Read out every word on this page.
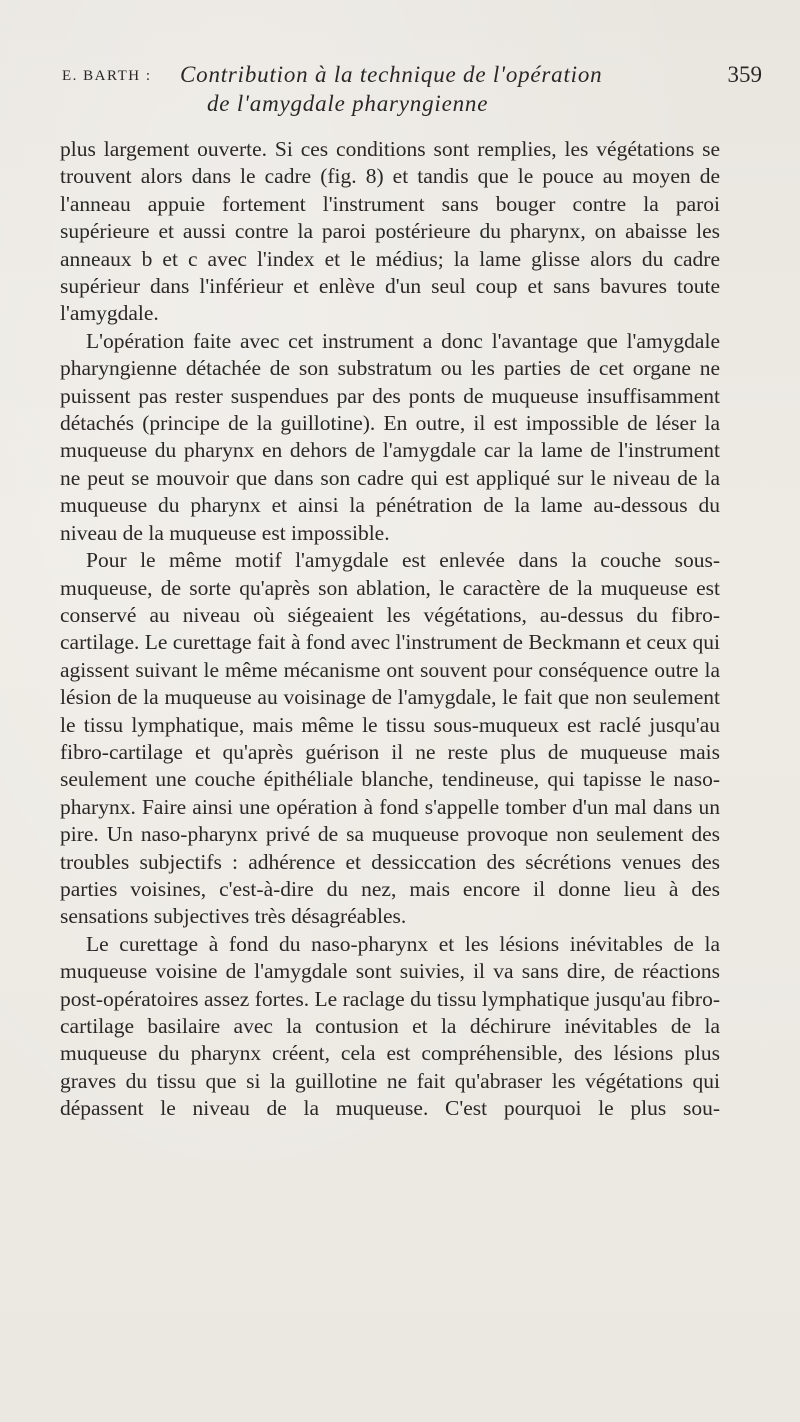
E. BARTH : Contribution à la technique de l'opération	359
de l'amygdale pharyngienne

plus largement ouverte. Si ces conditions sont remplies, les végétations se trouvent alors dans le cadre (fig. 8) et tandis que le pouce au moyen de l'anneau appuie fortement l'instrument sans bouger contre la paroi supérieure et aussi contre la paroi postérieure du pharynx, on abaisse les anneaux b et c avec l'index et le médius; la lame glisse alors du cadre supérieur dans l'inférieur et enlève d'un seul coup et sans bavures toute l'amygdale.

L'opération faite avec cet instrument a donc l'avantage que l'amygdale pharyngienne détachée de son substratum ou les parties de cet organe ne puissent pas rester suspendues par des ponts de muqueuse insuffisamment détachés (principe de la guillotine). En outre, il est impossible de léser la muqueuse du pharynx en dehors de l'amygdale car la lame de l'instrument ne peut se mouvoir que dans son cadre qui est appliqué sur le niveau de la muqueuse du pharynx et ainsi la pénétration de la lame au-dessous du niveau de la muqueuse est impossible.

Pour le même motif l'amygdale est enlevée dans la couche sous-muqueuse, de sorte qu'après son ablation, le caractère de la muqueuse est conservé au niveau où siégeaient les végétations, au-dessus du fibro-cartilage. Le curettage fait à fond avec l'instrument de Beckmann et ceux qui agissent suivant le même mécanisme ont souvent pour conséquence outre la lésion de la muqueuse au voisinage de l'amygdale, le fait que non seulement le tissu lymphatique, mais même le tissu sous-muqueux est raclé jusqu'au fibro-cartilage et qu'après guérison il ne reste plus de muqueuse mais seulement une couche épithéliale blanche, tendineuse, qui tapisse le naso-pharynx. Faire ainsi une opération à fond s'appelle tomber d'un mal dans un pire. Un naso-pharynx privé de sa muqueuse provoque non seulement des troubles subjectifs : adhérence et dessiccation des sécrétions venues des parties voisines, c'est-à-dire du nez, mais encore il donne lieu à des sensations subjectives très désagréables.

Le curettage à fond du naso-pharynx et les lésions inévitables de la muqueuse voisine de l'amygdale sont suivies, il va sans dire, de réactions post-opératoires assez fortes. Le raclage du tissu lymphatique jusqu'au fibro-cartilage basilaire avec la contusion et la déchirure inévitables de la muqueuse du pharynx créent, cela est compréhensible, des lésions plus graves du tissu que si la guillotine ne fait qu'abraser les végétations qui dépassent le niveau de la muqueuse. C'est pourquoi le plus sou-
